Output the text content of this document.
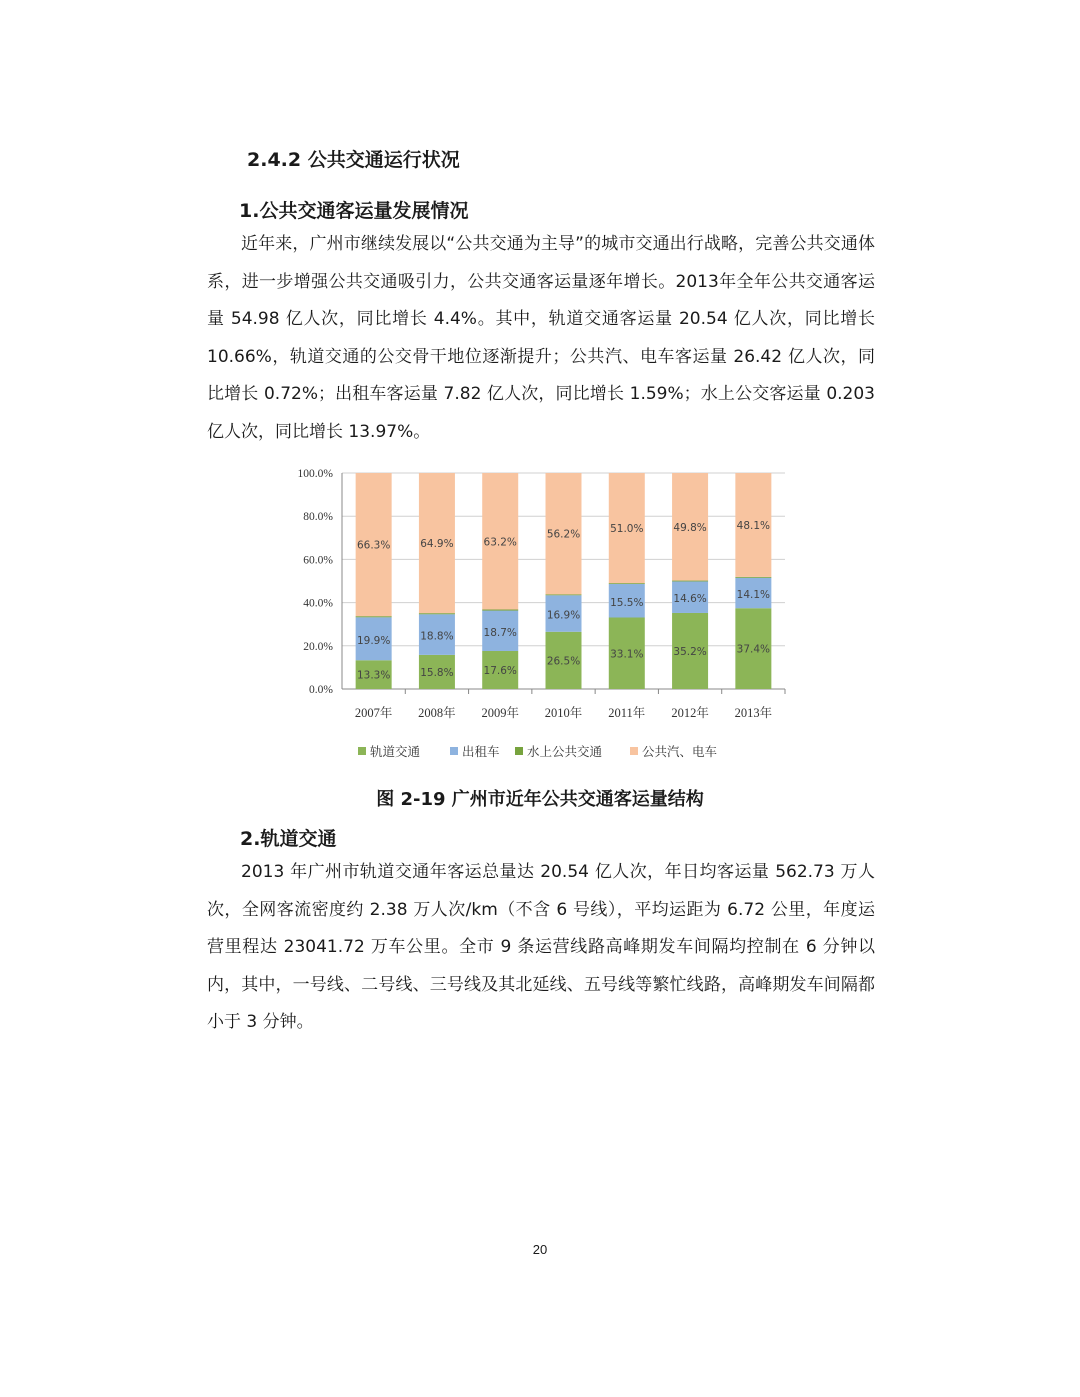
2.4.2 公共交通运行状况
1.公共交通客运量发展情况

近年来，广州市继续发展以“公共交通为主导”的城市交通出行战略，完善公共交通体系，进一步增强公共交通吸引力，公共交通客运量逐年增长。2013年全年公共交通客运量 54.98 亿人次，同比增长 4.4%。其中，轨道交通客运量 20.54 亿人次，同比增长 10.66%，轨道交通的公交骨干地位逐渐提升；公共汽、电车客运量 26.42 亿人次，同比增长 0.72%；出租车客运量 7.82 亿人次，同比增长 1.59%；水上公交客运量 0.203 亿人次，同比增长 13.97%。

0.0%
20.0%
40.0%
60.0%
80.0%
100.0%
13.3%
19.9%
66.3%
2007年
15.8%
18.8%
64.9%
2008年
17.6%
18.7%
63.2%
2009年
26.5%
16.9%
56.2%
2010年
33.1%
15.5%
51.0%
2011年
35.2%
14.6%
49.8%
2012年
37.4%
14.1%
48.1%
2013年
轨道交通	出租车 水上公共交通	公共汽、电车

图 2-19 广州市近年公共交通客运量结构

2.轨道交通

2013 年广州市轨道交通年客运总量达 20.54 亿人次，年日均客运量 562.73 万人次，全网客流密度约 2.38 万人次/km（不含 6 号线），平均运距为 6.72 公里，年度运营里程达 23041.72 万车公里。全市 9 条运营线路高峰期发车间隔均控制在 6 分钟以内，其中，一号线、二号线、三号线及其北延线、五号线等繁忙线路，高峰期发车间隔都小于 3 分钟。

20
